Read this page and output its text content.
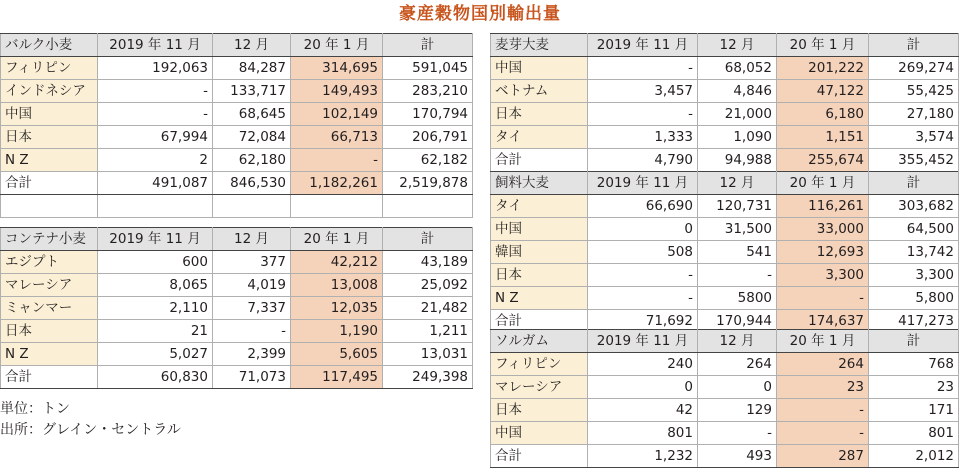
豪産穀物国別輸出量
バルク小麦	2019 年 11 月	12 月	20 年 1 月	計
フィリピン	192,063	84,287	314,695	591,045
インドネシア	-	133,717	149,493	283,210
中国	-	68,645	102,149	170,794
日本	67,994	72,084	66,713	206,791
N Z	2	62,180	-	62,182
合計	491,087	846,530	1,182,261	2,519,878

コンテナ小麦	2019 年 11 月	12 月	20 年 1 月	計
エジプト	600	377	42,212	43,189
マレーシア	8,065	4,019	13,008	25,092
ミャンマー	2,110	7,337	12,035	21,482
日本	21	-	1,190	1,211
N Z	5,027	2,399	5,605	13,031
合計	60,830	71,073	117,495	249,398
麦芽大麦	2019 年 11 月	12 月	20 年 1 月	計
中国	-	68,052	201,222	269,274
ベトナム	3,457	4,846	47,122	55,425
日本	-	21,000	6,180	27,180
タイ	1,333	1,090	1,151	3,574
合計	4,790	94,988	255,674	355,452
飼料大麦	2019 年 11 月	12 月	20 年 1 月	計
タイ	66,690	120,731	116,261	303,682
中国	0	31,500	33,000	64,500
韓国	508	541	12,693	13,742
日本	-	-	3,300	3,300
N Z	-	5800	-	5,800
合計	71,692	170,944	174,637	417,273
ソルガム	2019 年 11 月	12 月	20 年 1 月	計
フィリピン	240	264	264	768
マレーシア	0	0	23	23
日本	42	129	-	171
中国	801	-	-	801
合計	1,232	493	287	2,012
単位：トン
出所：グレイン・セントラル
